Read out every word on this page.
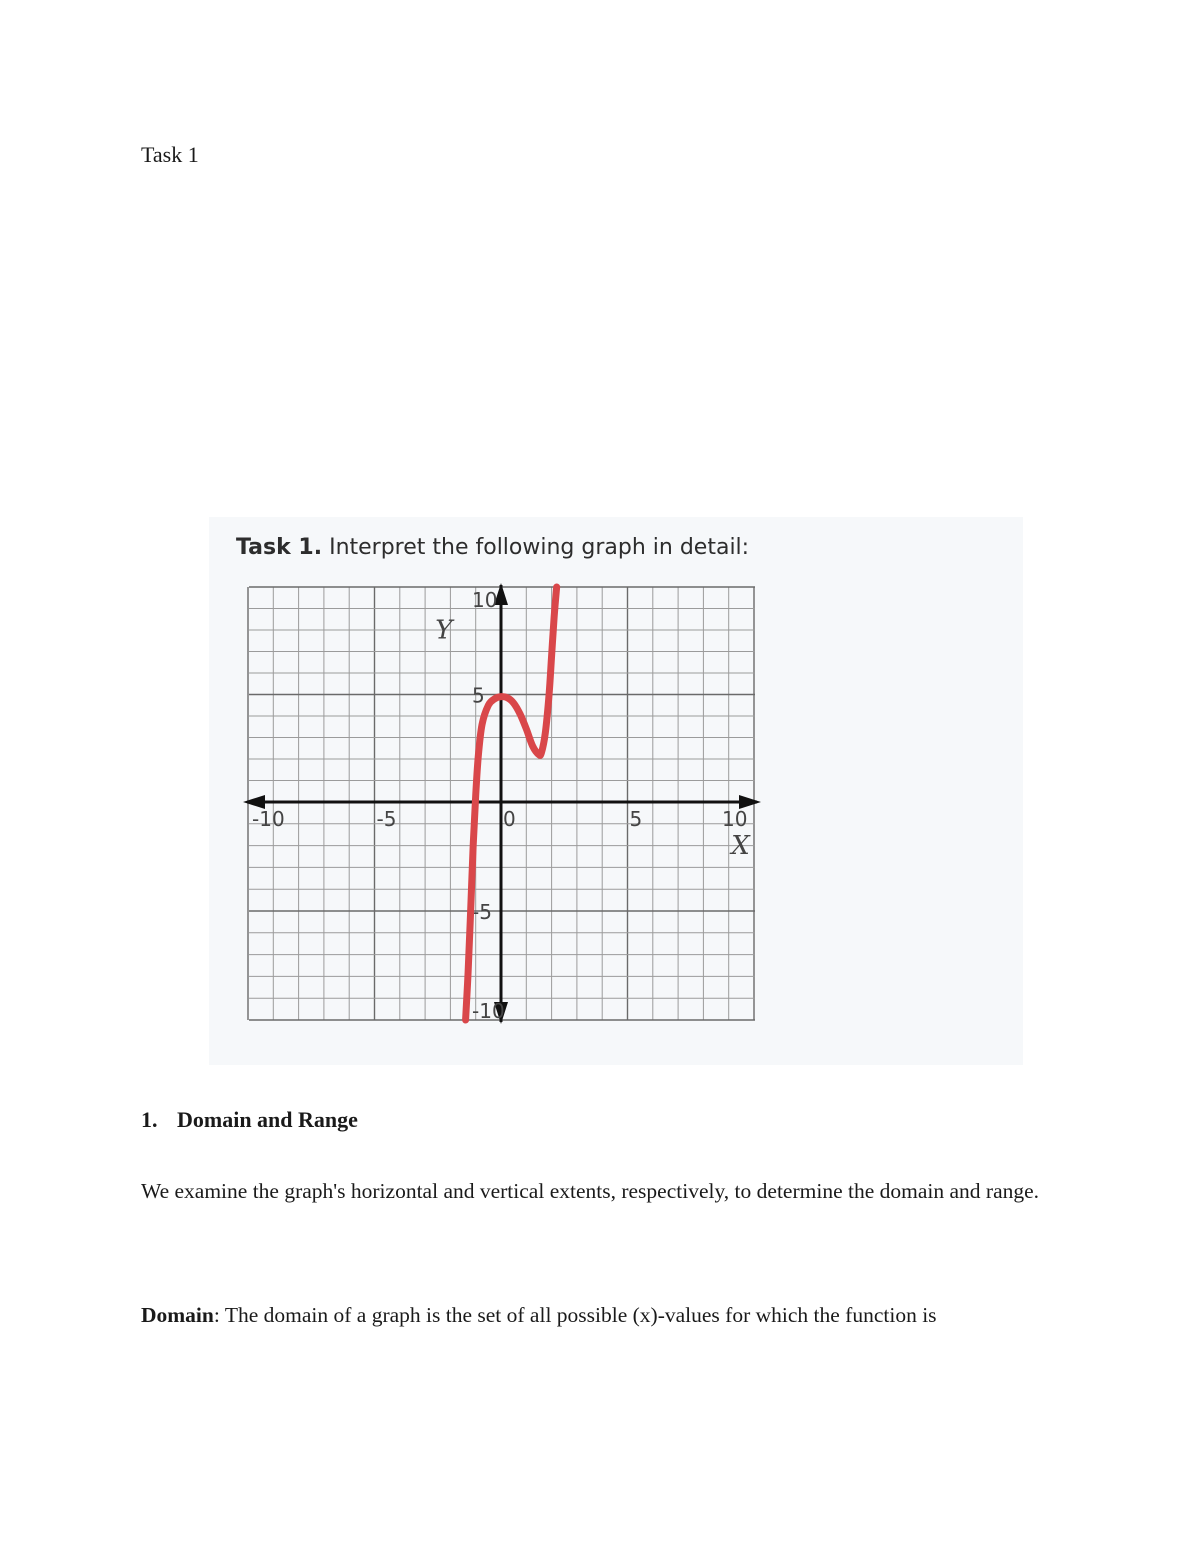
Task 1
-10	-5	0	5	10
10
5
-5
-10
X
Y
Task 1. Interpret the following graph in detail:
1. Domain and Range
We examine the graph's horizontal and vertical extents, respectively, to determine the domain and range.
Domain: The domain of a graph is the set of all possible (x)-values for which the function is
